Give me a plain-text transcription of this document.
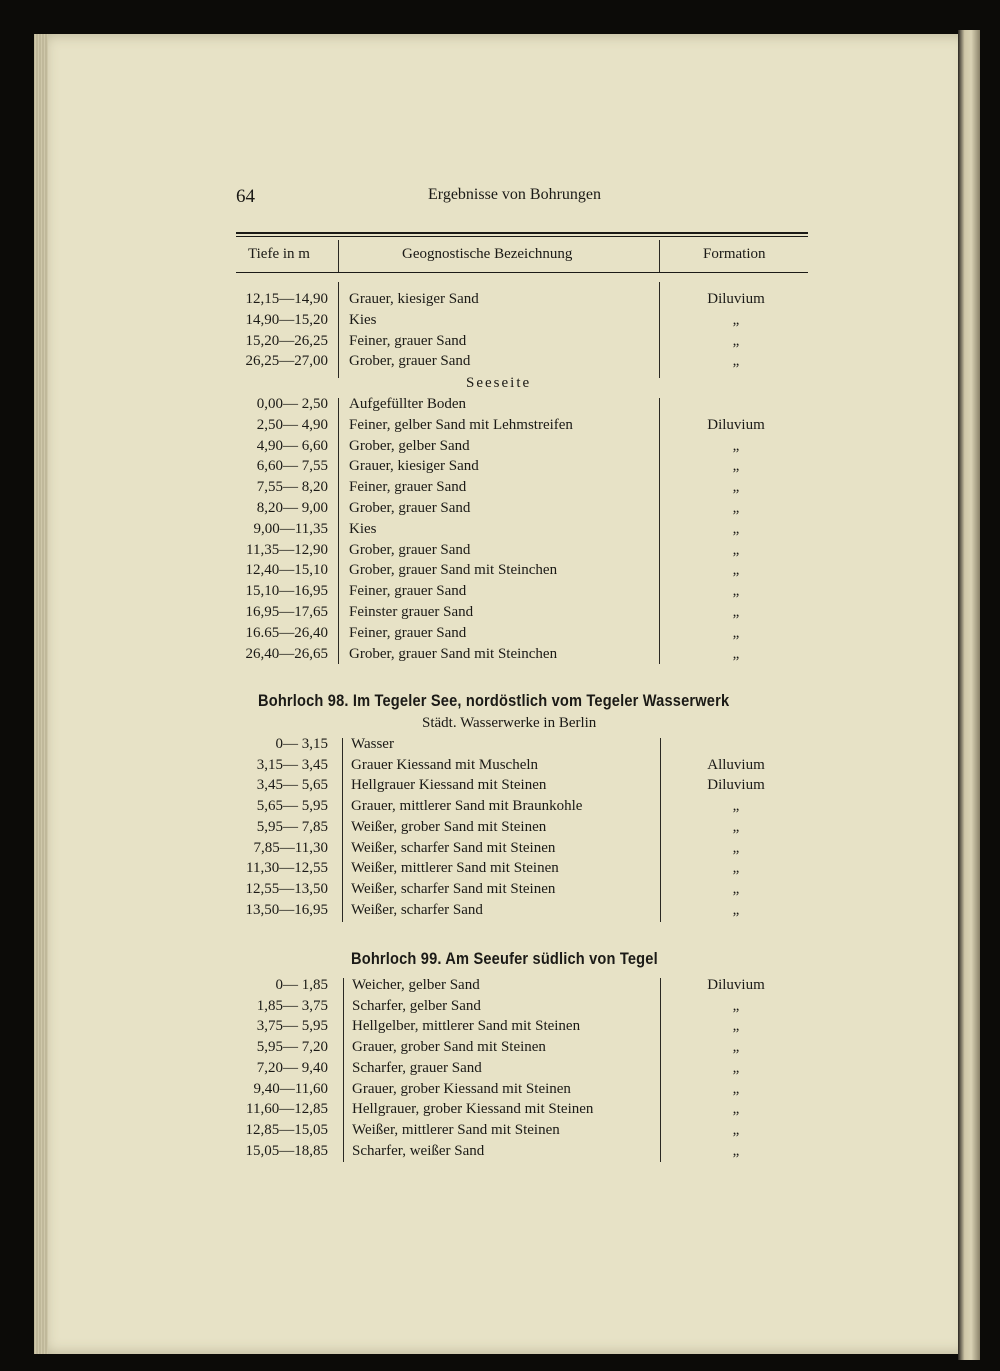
64	Ergebnisse von Bohrungen
Tiefe in m	Geognostische Bezeichnung	Formation
12,15—14,90 Grauer, kiesiger Sand	Diluvium
14,90—15,20 Kies	„
15,20—26,25 Feiner, grauer Sand	„
26,25—27,00 Grober, grauer Sand	„
Seeseite
0,00— 2,50 Aufgefüllter Boden
2,50— 4,90 Feiner, gelber Sand mit Lehmstreifen	Diluvium
4,90— 6,60 Grober, gelber Sand	„
6,60— 7,55 Grauer, kiesiger Sand	„
7,55— 8,20 Feiner, grauer Sand	„
8,20— 9,00 Grober, grauer Sand	„
9,00—11,35 Kies	„
11,35—12,90 Grober, grauer Sand	„
12,40—15,10 Grober, grauer Sand mit Steinchen	„
15,10—16,95 Feiner, grauer Sand	„
16,95—17,65 Feinster grauer Sand	„
16.65—26,40 Feiner, grauer Sand	„
26,40—26,65 Grober, grauer Sand mit Steinchen	„
Bohrloch 98. Im Tegeler See, nordöstlich vom Tegeler Wasserwerk
Städt. Wasserwerke in Berlin
0— 3,15 Wasser
3,15— 3,45 Grauer Kiessand mit Muscheln	Alluvium
3,45— 5,65 Hellgrauer Kiessand mit Steinen	Diluvium
5,65— 5,95 Grauer, mittlerer Sand mit Braunkohle	„
5,95— 7,85 Weißer, grober Sand mit Steinen	„
7,85—11,30 Weißer, scharfer Sand mit Steinen	„
11,30—12,55 Weißer, mittlerer Sand mit Steinen	„
12,55—13,50 Weißer, scharfer Sand mit Steinen	„
13,50—16,95 Weißer, scharfer Sand	„
Bohrloch 99. Am Seeufer südlich von Tegel
0— 1,85 Weicher, gelber Sand	Diluvium
1,85— 3,75 Scharfer, gelber Sand	„
3,75— 5,95 Hellgelber, mittlerer Sand mit Steinen	„
5,95— 7,20 Grauer, grober Sand mit Steinen	„
7,20— 9,40 Scharfer, grauer Sand	„
9,40—11,60 Grauer, grober Kiessand mit Steinen	„
11,60—12,85 Hellgrauer, grober Kiessand mit Steinen	„
12,85—15,05 Weißer, mittlerer Sand mit Steinen	„
15,05—18,85 Scharfer, weißer Sand	„
